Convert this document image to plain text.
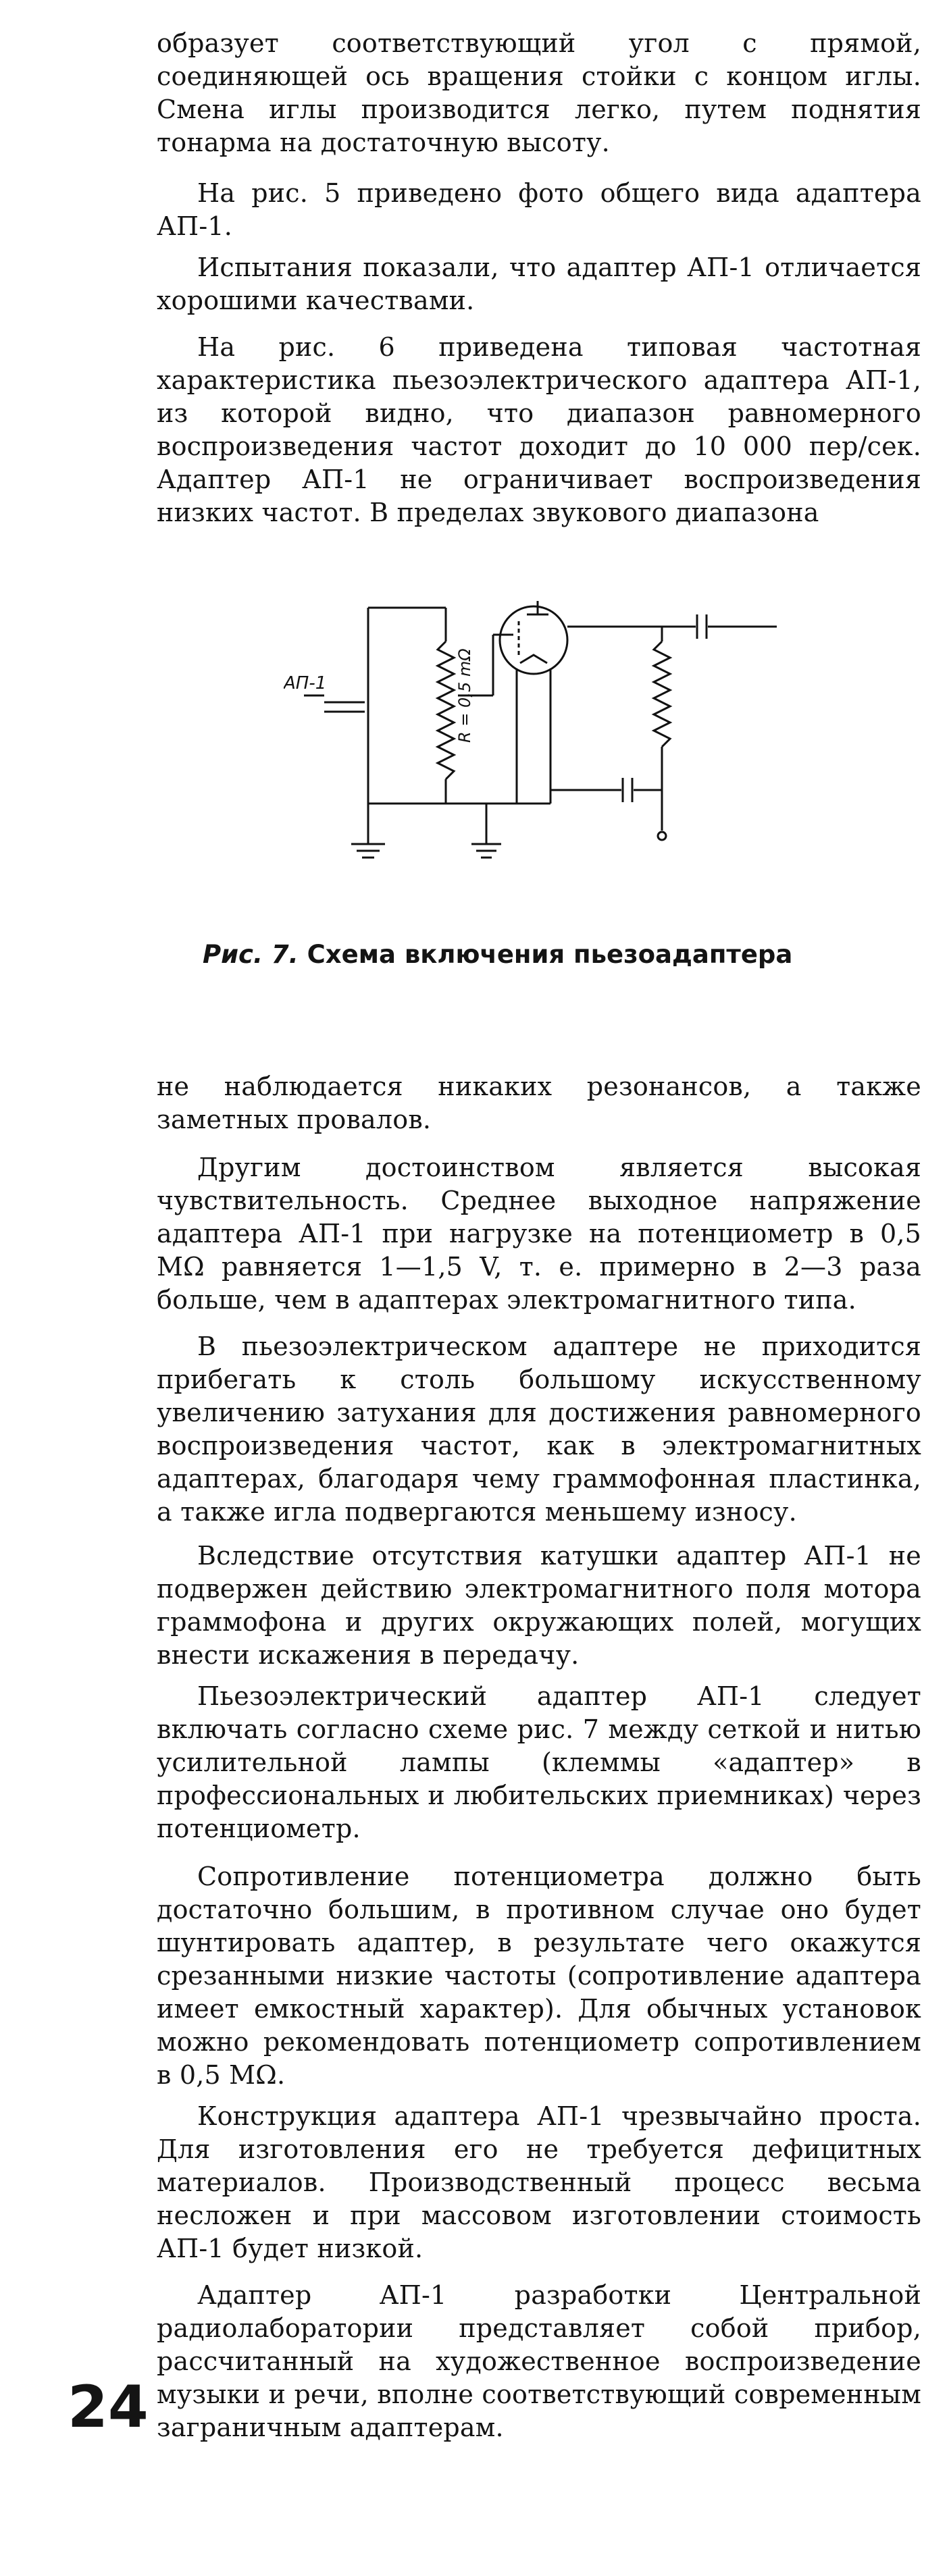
образует соответствующий угол с прямой, соединяющей ось вращения стойки с концом иглы. Смена иглы производится легко, путем поднятия тонарма на достаточную высоту.

На рис. 5 приведено фото общего вида адаптера АП-1.

Испытания показали, что адаптер АП-1 отличается хорошими качествами.

На рис. 6 приведена типовая частотная характеристика пьезоэлектрического адаптера АП-1, из которой видно, что диапазон равномерного воспроизведения частот доходит до 10 000 пер/сек. Адаптер АП-1 не ограничивает воспроизведения низких частот. В пределах звукового диапазона

АП-1	R = 0,5 mΩ

Рис. 7. Схема включения пьезоадаптера

не наблюдается никаких резонансов, а также заметных провалов.

Другим достоинством является высокая чувствительность. Среднее выходное напряжение адаптера АП-1 при нагрузке на потенциометр в 0,5 MΩ равняется 1—1,5 V, т. е. примерно в 2—3 раза больше, чем в адаптерах электромагнитного типа.

В пьезоэлектрическом адаптере не приходится прибегать к столь большому искусственному увеличению затухания для достижения равномерного воспроизведения частот, как в электромагнитных адаптерах, благодаря чему граммофонная пластинка, а также игла подвергаются меньшему износу.

Вследствие отсутствия катушки адаптер АП-1 не подвержен действию электромагнитного поля мотора граммофона и других окружающих полей, могущих внести искажения в передачу.

Пьезоэлектрический адаптер АП-1 следует включать согласно схеме рис. 7 между сеткой и нитью усилительной лампы (клеммы «адаптер» в профессиональных и любительских приемниках) через потенциометр.

Сопротивление потенциометра должно быть достаточно большим, в противном случае оно будет шунтировать адаптер, в результате чего окажутся срезанными низкие частоты (сопротивление адаптера имеет емкостный характер). Для обычных установок можно рекомендовать потенциометр сопротивлением в 0,5 MΩ.

Конструкция адаптера АП-1 чрезвычайно проста. Для изготовления его не требуется дефицитных материалов. Производственный процесс весьма несложен и при массовом изготовлении стоимость АП-1 будет низкой.

Адаптер АП-1 разработки Центральной радиолаборатории представляет собой прибор, рассчитанный на художественное воспроизведение музыки и речи, вполне соответствующий современным заграничным адаптерам.

24
